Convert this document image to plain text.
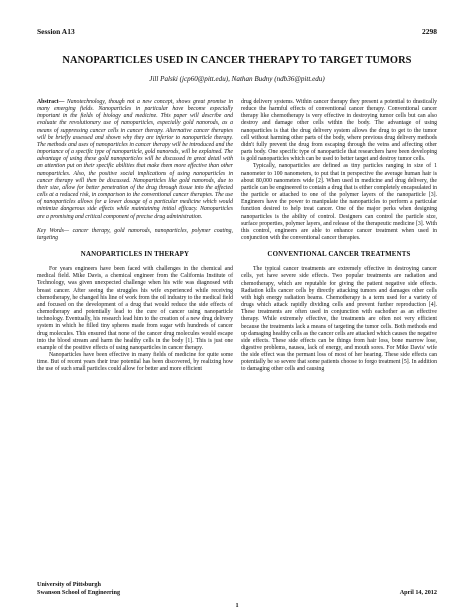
Session A13	2298
NANOPARTICLES USED IN CANCER THERAPY TO TARGET TUMORS
Jill Palski (jcp60@pitt.edu), Nathan Budny (ndb36@pitt.edu)

Abstract— Nanotechnology, though not a new concept, shows great promise in many emerging fields. Nanoparticles in particular have become especially important in the fields of biology and medicine. This paper will describe and evaluate the revolutionary use of nanoparticles, especially gold nanorods, as a means of suppressing cancer cells in cancer therapy. Alternative cancer therapies will be briefly assessed and shown why they are inferior to nanoparticle therapy. The methods and uses of nanoparticles in cancer therapy will be introduced and the importance of a specific type of nanoparticle, gold nanorods, will be explained. The advantage of using these gold nanoparticles will be discussed in great detail with an attention put on their specific abilities that make them more effective than other nanoparticles. Also, the positive social implications of using nanoparticles in cancer therapy will then be discussed. Nanoparticles like gold nanorods, due to their size, allow for better penetration of the drug through tissue into the affected cells at a reduced risk, in comparison to the conventional cancer therapies. The use of nanoparticles allows for a lower dosage of a particular medicine which would minimize dangerous side effects while maintaining initial efficacy. Nanoparticles are a promising and critical component of precise drug administration.

Key Words— cancer therapy, gold nanorods, nanoparticles, polymer coating, targeting

NANOPARTICLES IN THERAPY

For years engineers have been faced with challenges in the chemical and medical field. Mike Davis, a chemical engineer from the California Institute of Technology, was given unexpected challenge when his wife was diagnosed with breast cancer. After seeing the struggles his wife experienced while receiving chemotherapy, he changed his line of work from the oil industry to the medical field and focused on the development of a drug that would reduce the side effects of chemotherapy and potentially lead to the cure of cancer using nanoparticle technology. Eventually, his research lead him to the creation of a new drug delivery system in which he filled tiny spheres made from sugar with hundreds of cancer drug molecules. This ensured that none of the cancer drug molecules would escape into the blood stream and harm the healthy cells in the body [1]. This is just one example of the positive effects of using nanoparticles in cancer therapy.

Nanoparticles have been effective in many fields of medicine for quite some time. But of recent years their true potential has been discovered, by realizing how the use of such small particles could allow for better and more efficient

drug delivery systems. Within cancer therapy they present a potential to drastically reduce the harmful effects of conventional cancer therapy. Conventional cancer therapy like chemotherapy is very effective in destroying tumor cells but can also destroy and damage other cells within the body. The advantage of using nanoparticles is that the drug delivery system allows the drug to get to the tumor cell without harming other parts of the body, where previous drug delivery methods didn't fully prevent the drug from escaping through the veins and affecting other parts body. One specific type of nanoparticle that researchers have been developing is gold nanoparticles which can be used to better target and destroy tumor cells.

Typically, nanoparticles are defined as tiny particles ranging in size of 1 nanometer to 100 nanometers, to put that in perspective the average human hair is about 80,000 nanometers wide [2]. When used in medicine and drug delivery, the particle can be engineered to contain a drug that is either completely encapsulated in the particle or attached to one of the polymer layers of the nanoparticle [3]. Engineers have the power to manipulate the nanoparticles to perform a particular function desired to help treat cancer. One of the major perks when designing nanoparticles is the ability of control. Designers can control the particle size, surface properties, polymer layers, and release of the therapeutic medicine [3]. With this control, engineers are able to enhance cancer treatment when used in conjunction with the conventional cancer therapies.

CONVENTIONAL CANCER TREATMENTS

The typical cancer treatments are extremely effective in destroying cancer cells, yet have severe side effects. Two popular treatments are radiation and chemotherapy, which are reputable for giving the patient negative side effects. Radiation kills cancer cells by directly attacking tumors and damages other cells with high energy radiation beams. Chemotherapy is a term used for a variety of drugs which attack rapidly dividing cells and prevent further reproduction [4]. These treatments are often used in conjunction with eachother as an effective therapy. While extremely effective, the treatments are often not very efficient because the treatments lack a means of targeting the tumor cells. Both methods end up damaging healthy cells as the cancer cells are attacked which causes the negative side effects. These side effects can be things from hair loss, bone marrow lose, digestive problems, nausea, lack of energy, and mouth sores. For Mike Davis' wife the side effect was the permant loss of most of her hearing. These side effects can potentially be so severe that some patients choose to forgo treatment [5]. In addition to damaging other cells and causing

University of Pittsburgh
Swanson School of Engineering	April 14, 2012
1
